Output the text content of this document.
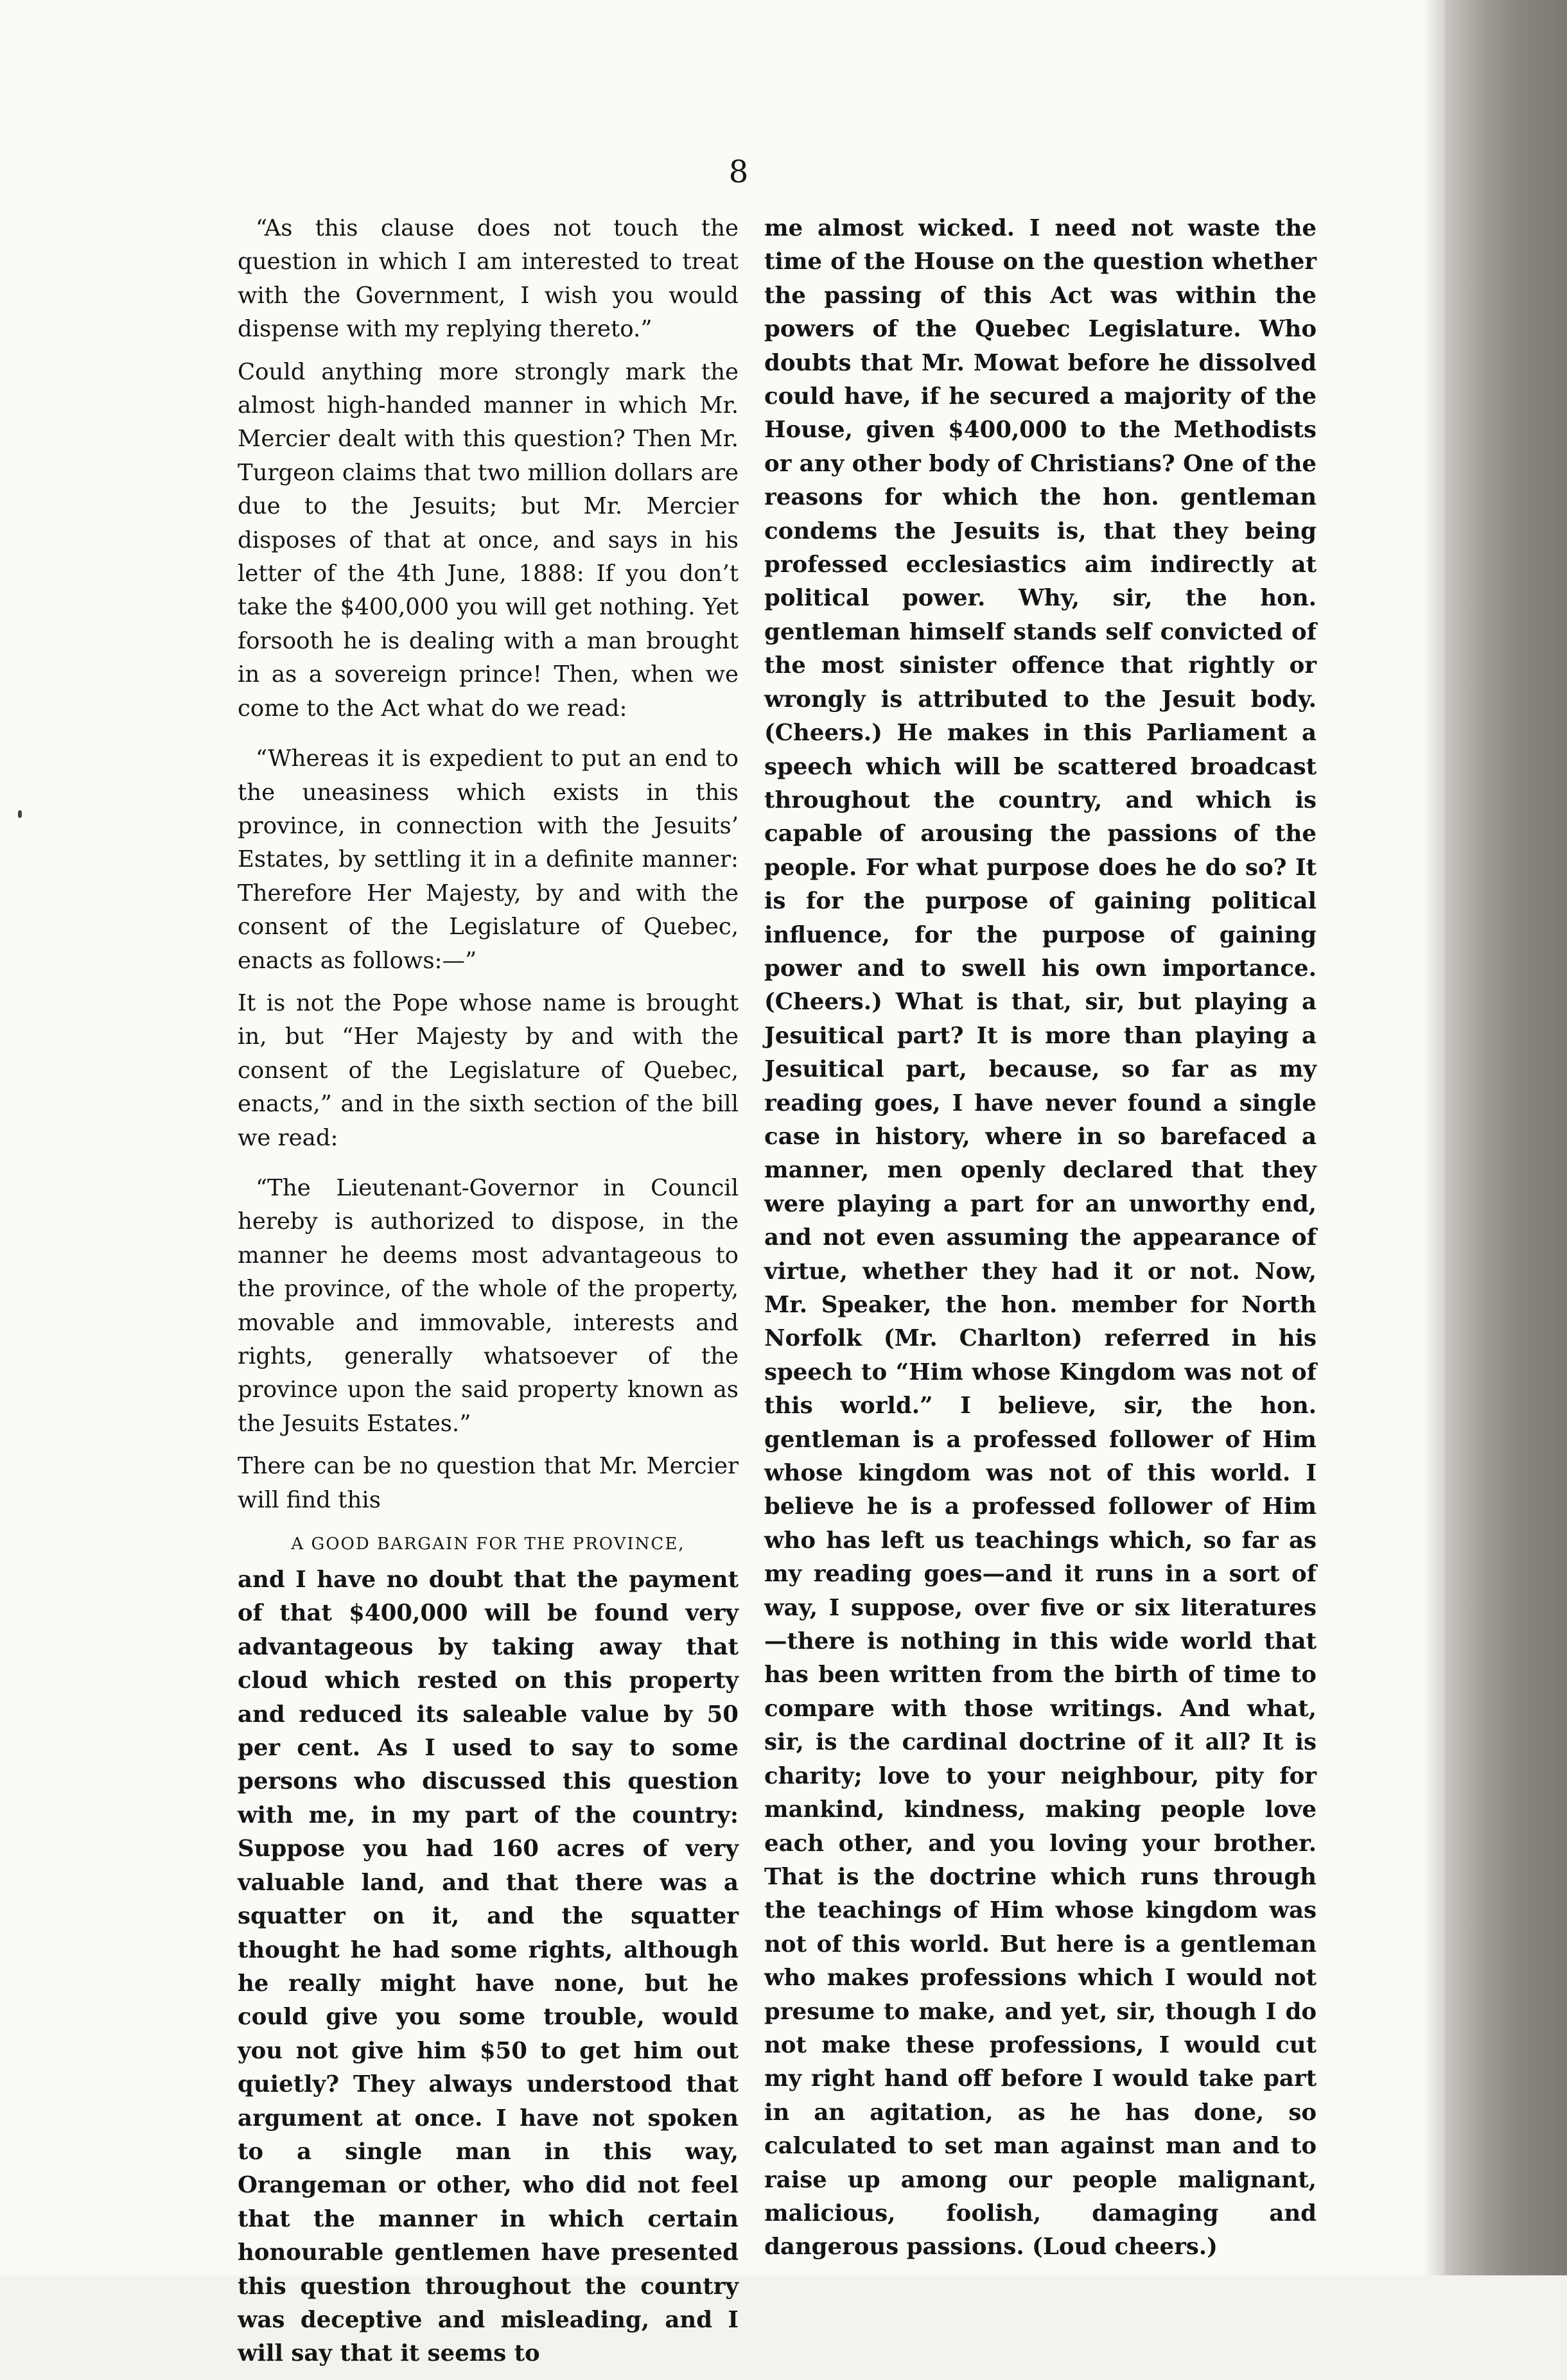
8

“As this clause does not touch the question in which I am interested to treat with the Government, I wish you would dispense with my replying thereto.”

Could anything more strongly mark the almost high-handed manner in which Mr. Mercier dealt with this question? Then Mr. Turgeon claims that two million dollars are due to the Jesuits; but Mr. Mercier disposes of that at once, and says in his letter of the 4th June, 1888: If you don’t take the $400,000 you will get nothing. Yet forsooth he is dealing with a man brought in as a sovereign prince! Then, when we come to the Act what do we read:

“Whereas it is expedient to put an end to the uneasiness which exists in this province, in connection with the Jesuits’ Estates, by settling it in a definite manner: Therefore Her Majesty, by and with the consent of the Legislature of Quebec, enacts as follows:—”

It is not the Pope whose name is brought in, but “Her Majesty by and with the consent of the Legislature of Quebec, enacts,” and in the sixth section of the bill we read:

“The Lieutenant-Governor in Council hereby is authorized to dispose, in the manner he deems most advantageous to the province, of the whole of the property, movable and immovable, interests and rights, generally whatsoever of the province upon the said property known as the Jesuits Estates.”

There can be no question that Mr. Mercier will find this

A GOOD BARGAIN FOR THE PROVINCE,

and I have no doubt that the payment of that $400,000 will be found very advantageous by taking away that cloud which rested on this property and reduced its saleable value by 50 per cent. As I used to say to some persons who discussed this question with me, in my part of the country: Suppose you had 160 acres of very valuable land, and that there was a squatter on it, and the squatter thought he had some rights, although he really might have none, but he could give you some trouble, would you not give him $50 to get him out quietly? They always understood that argument at once. I have not spoken to a single man in this way, Orangeman or other, who did not feel that the manner in which certain honourable gentlemen have presented this question throughout the country was deceptive and misleading, and I will say that it seems to

me almost wicked. I need not waste the time of the House on the question whether the passing of this Act was within the powers of the Quebec Legislature. Who doubts that Mr. Mowat before he dissolved could have, if he secured a majority of the House, given $400,000 to the Methodists or any other body of Christians? One of the reasons for which the hon. gentleman condems the Jesuits is, that they being professed ecclesiastics aim indirectly at political power. Why, sir, the hon. gentleman himself stands self convicted of the most sinister offence that rightly or wrongly is attributed to the Jesuit body. (Cheers.) He makes in this Parliament a speech which will be scattered broadcast throughout the country, and which is capable of arousing the passions of the people. For what purpose does he do so? It is for the purpose of gaining political influence, for the purpose of gaining power and to swell his own importance. (Cheers.) What is that, sir, but playing a Jesuitical part? It is more than playing a Jesuitical part, because, so far as my reading goes, I have never found a single case in history, where in so barefaced a manner, men openly declared that they were playing a part for an unworthy end, and not even assuming the appearance of virtue, whether they had it or not. Now, Mr. Speaker, the hon. member for North Norfolk (Mr. Charlton) referred in his speech to “Him whose Kingdom was not of this world.” I believe, sir, the hon. gentleman is a professed follower of Him whose kingdom was not of this world. I believe he is a professed follower of Him who has left us teachings which, so far as my reading goes—and it runs in a sort of way, I suppose, over five or six literatures —there is nothing in this wide world that has been written from the birth of time to compare with those writings. And what, sir, is the cardinal doctrine of it all? It is charity; love to your neighbour, pity for mankind, kindness, making people love each other, and you loving your brother. That is the doctrine which runs through the teachings of Him whose kingdom was not of this world. But here is a gentleman who makes professions which I would not presume to make, and yet, sir, though I do not make these professions, I would cut my right hand off before I would take part in an agitation, as he has done, so calculated to set man against man and to raise up among our people malignant, malicious, foolish, damaging and dangerous passions. (Loud cheers.)
